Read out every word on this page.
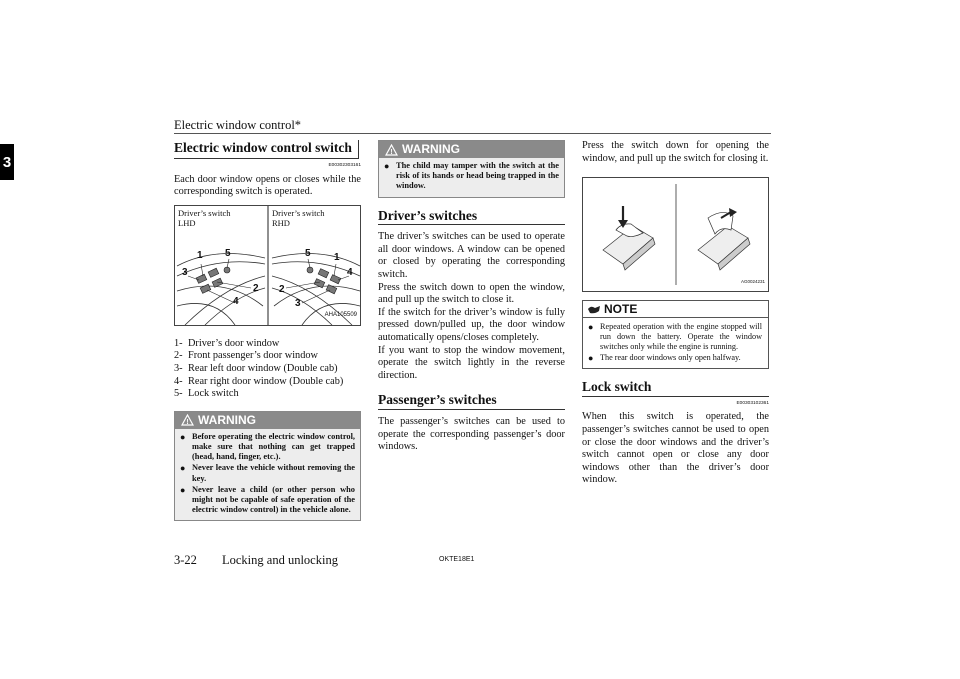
Electric window control*
3
Electric window control switch
E00302303161

Each door window opens or closes while the corresponding switch is operated.

Driver’s switch
LHD
Driver’s switch
RHD
1 5
3
2
4
5 1
4
2
3
AHA105509
1- Driver’s door window
2- Front passenger’s door window
3- Rear left door window (Double cab)
4- Rear right door window (Double cab)
5- Lock switch
! WARNING
● Before operating the electric window control, make sure that nothing can get trapped (head, hand, finger, etc.).
● Never leave the vehicle without removing the key.
● Never leave a child (or other person who might not be capable of safe operation of the electric window control) in the vehicle alone.
! WARNING
● The child may tamper with the switch at the risk of its hands or head being trapped in the window.
Driver’s switches

The driver’s switches can be used to operate all door windows. A window can be opened or closed by operating the corresponding switch.

Press the switch down to open the window, and pull up the switch to close it.

If the switch for the driver’s window is fully pressed down/pulled up, the door window automatically opens/closes completely.

If you want to stop the window movement, operate the switch lightly in the reverse direction.

Passenger’s switches

The passenger’s switches can be used to operate the corresponding passenger’s door windows.

Press the switch down for opening the window, and pull up the switch for closing it.

AG0024231
NOTE
● Repeated operation with the engine stopped will run down the battery. Operate the window switches only while the engine is running.
● The rear door windows only open halfway.
Lock switch
E00303102361

When this switch is operated, the passenger’s switches cannot be used to open or close the door windows and the driver’s switch cannot open or close any door windows other than the driver’s door window.

3-22 Locking and unlocking	OKTE18E1
